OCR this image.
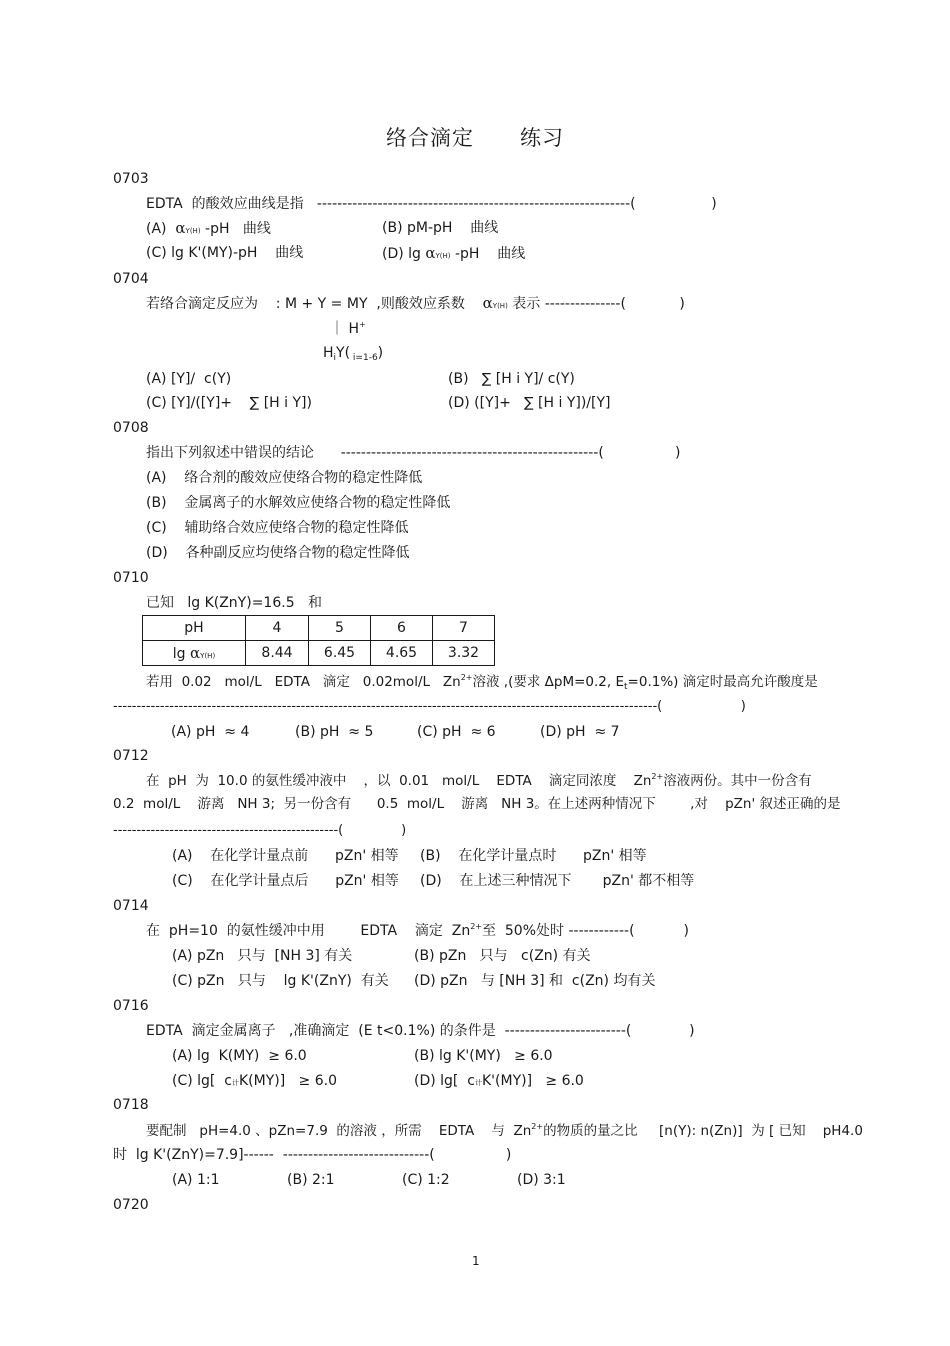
络合滴定      练习
0703
EDTA  的酸效应曲线是指   --------------------------------------------------------------(                 )
(A)  αY(H) -pH   曲线	(B) pM-pH    曲线
(C) lg K'(MY)-pH    曲线	(D) lg αY(H) -pH    曲线
0704
若络合滴定反应为    : M + Y = MY  ,则酸效应系数    αY(H) 表示 ---------------(            )
｜ H+
$H_iY$( $_{i=1-6}$)
(A) [Y]/  c(Y)	(B)   ∑ [H i Y]/ c(Y)
(C) [Y]/([Y]+    ∑ [H i Y])	(D) ([Y]+   ∑ [H i Y])/[Y]
0708
指出下列叙述中错误的结论      ---------------------------------------------------(                )
(A)    络合剂的酸效应使络合物的稳定性降低
(B)    金属离子的水解效应使络合物的稳定性降低
(C)    辅助络合效应使络合物的稳定性降低
(D)    各种副反应均使络合物的稳定性降低
0710
已知   lg K(ZnY)=16.5   和
pH	4	5	6	7
lg αY(H)	8.44	6.45	4.65	3.32
若用  0.02   mol/L   EDTA   滴定   0.02mol/L   $Zn^{2+}$溶液 ,(要求 ΔpM=0.2, $E_t=0.1\%$) 滴定时最高允许酸度是
--------------------------------------------------------------------------------------------------------------------(                   )
(A) pH  ≈ 4	(B) pH  ≈ 5	(C) pH  ≈ 6	(D) pH  ≈ 7
0712
在  pH  为  10.0 的氨性缓冲液中    ，以  0.01   mol/L    EDTA    滴定同浓度    $Zn^{2+}$溶液两份。其中一份含有
0.2  mol/L    游离   NH 3;  另一份含有      0.5  mol/L    游离   NH 3。在上述两种情况下        ,对    pZn' 叙述正确的是
------------------------------------------------(              )
(A)    在化学计量点前      pZn' 相等 (B)    在化学计量点时      pZn' 相等
(C)    在化学计量点后      pZn' 相等 (D)    在上述三种情况下       pZn' 都不相等
0714
在  pH=10  的氨性缓冲中用        EDTA    滴定  $Zn^{2+}$至  50%处时 ------------(           )
(A) pZn   只与  [NH 3] 有关	(B) pZn   只与   c(Zn) 有关
(C) pZn   只与    lg K'(ZnY)  有关 (D) pZn   与 [NH 3] 和  c(Zn) 均有关
0716
EDTA  滴定金属离子   ,准确滴定  (E t<0.1%) 的条件是  ------------------------(             )
(A) lg  K(MY)  ≥ 6.0	(B) lg K'(MY)   ≥ 6.0
(C) lg[  c计K(MY)]   ≥ 6.0	(D) lg[  c计K'(MY)]   ≥ 6.0
0718
要配制   pH=4.0 、pZn=7.9  的溶液 ，所需    EDTA    与  $Zn^{2+}$的物质的量之比     [n(Y): n(Zn)]  为 [ 已知    pH4.0
时  lg K'(ZnY)=7.9]------  -----------------------------(                )
(A) 1:1	(B) 2:1	(C) 1:2	(D) 3:1
0720
1
